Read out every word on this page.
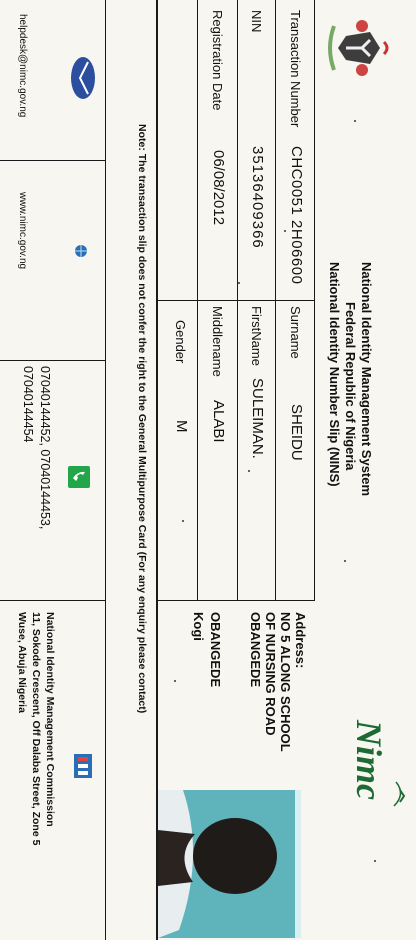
National Identity Management System
Federal Republic of Nigeria
National Identity Number Slip (NINS)
Nimc
Transaction Number
CHC0051 2H06600
NIN
35136409366
Registration Date
06/08/2012
Surname
SHEIDU
FirstName
SULEIMAN.
Middlename
ALABI
Gender
M
Address:
NO 5 ALONG SCHOOL
OF NURSING ROAD
OBANGEDE
OBANGEDE
Kogi
Note: The transaction slip does not confer the right to the General Multipurpose Card (For any enquiry please contact)
helpdesk@nimc.gov.ng
www.nimc.gov.ng
07040144452, 07040144453,
07040144454
National Identity Management Commission
11, Sokode Crescent, Off Dalaba Street, Zone 5
Wuse, Abuja Nigeria
